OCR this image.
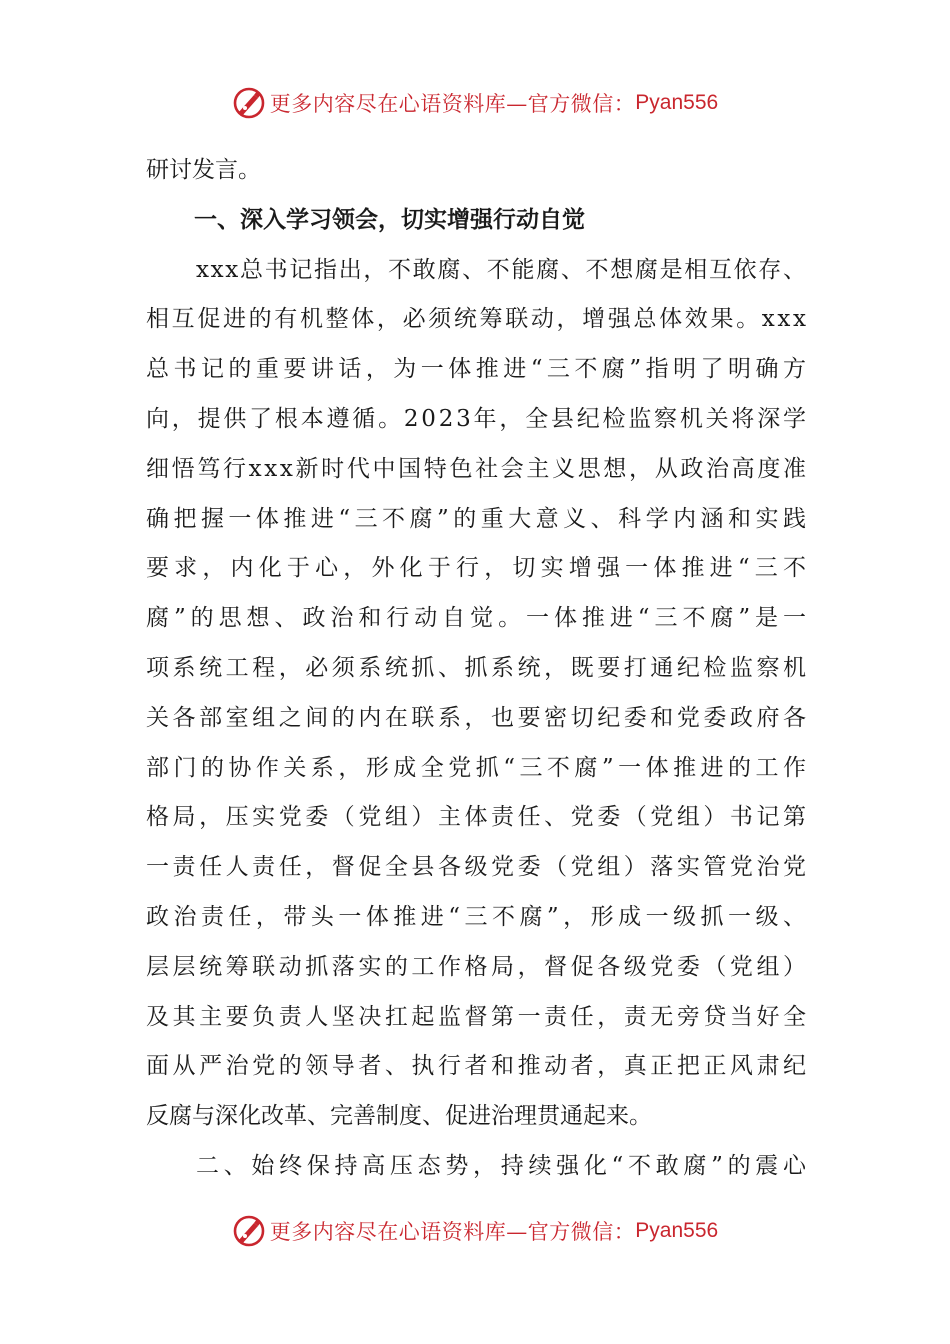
更多内容尽在心语资料库—官方微信： Pyan556
研讨发言。
一、深入学习领会，切实增强行动自觉
xxx总书记指出，不敢腐、不能腐、不想腐是相互依存、
相互促进的有机整体，必须统筹联动，增强总体效果。xxx
总书记的重要讲话，为一体推进“三不腐”指明了明确方
向，提供了根本遵循。2023年，全县纪检监察机关将深学
细悟笃行xxx新时代中国特色社会主义思想，从政治高度准
确把握一体推进“三不腐”的重大意义、科学内涵和实践
要求，内化于心，外化于行，切实增强一体推进“三不
腐”的思想、政治和行动自觉。一体推进“三不腐”是一
项系统工程，必须系统抓、抓系统，既要打通纪检监察机
关各部室组之间的内在联系，也要密切纪委和党委政府各
部门的协作关系，形成全党抓“三不腐”一体推进的工作
格局，压实党委（党组）主体责任、党委（党组）书记第
一责任人责任，督促全县各级党委（党组）落实管党治党
政治责任，带头一体推进“三不腐”，形成一级抓一级、
层层统筹联动抓落实的工作格局，督促各级党委（党组）
及其主要负责人坚决扛起监督第一责任，责无旁贷当好全
面从严治党的领导者、执行者和推动者，真正把正风肃纪
反腐与深化改革、完善制度、促进治理贯通起来。
二、始终保持高压态势，持续强化“不敢腐”的震心
更多内容尽在心语资料库—官方微信： Pyan556
